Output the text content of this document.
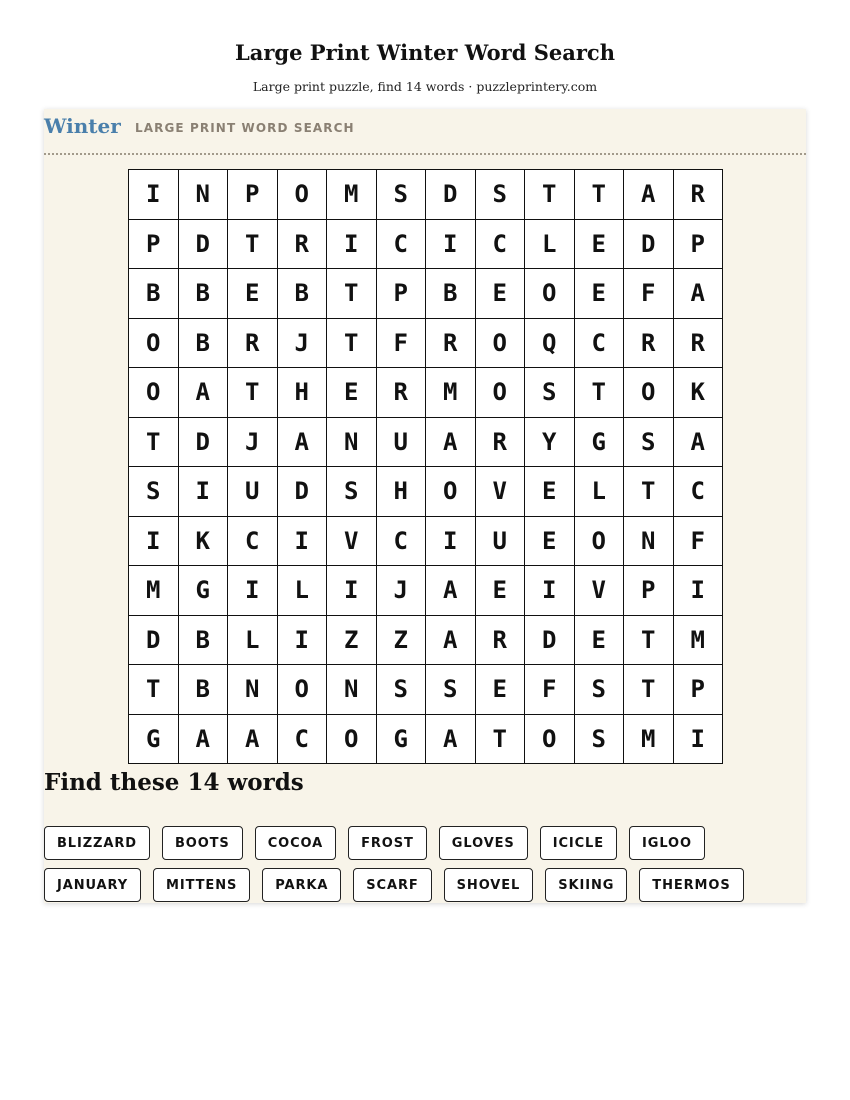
Large Print Winter Word Search
Large print puzzle, find 14 words · puzzleprintery.com
Winter LARGE PRINT WORD SEARCH
I	N	P	O	M	S	D	S	T	T	A	R
P	D	T	R	I	C	I	C	L	E	D	P
B	B	E	B	T	P	B	E	O	E	F	A
O	B	R	J	T	F	R	O	Q	C	R	R
O	A	T	H	E	R	M	O	S	T	O	K
T	D	J	A	N	U	A	R	Y	G	S	A
S	I	U	D	S	H	O	V	E	L	T	C
I	K	C	I	V	C	I	U	E	O	N	F
M	G	I	L	I	J	A	E	I	V	P	I
D	B	L	I	Z	Z	A	R	D	E	T	M
T	B	N	O	N	S	S	E	F	S	T	P
G	A	A	C	O	G	A	T	O	S	M	I
Find these 14 words
BLIZZARD	BOOTS	COCOA	FROST	GLOVES	ICICLE	IGLOO
JANUARY	MITTENS	PARKA	SCARF	SHOVEL	SKIING	THERMOS
